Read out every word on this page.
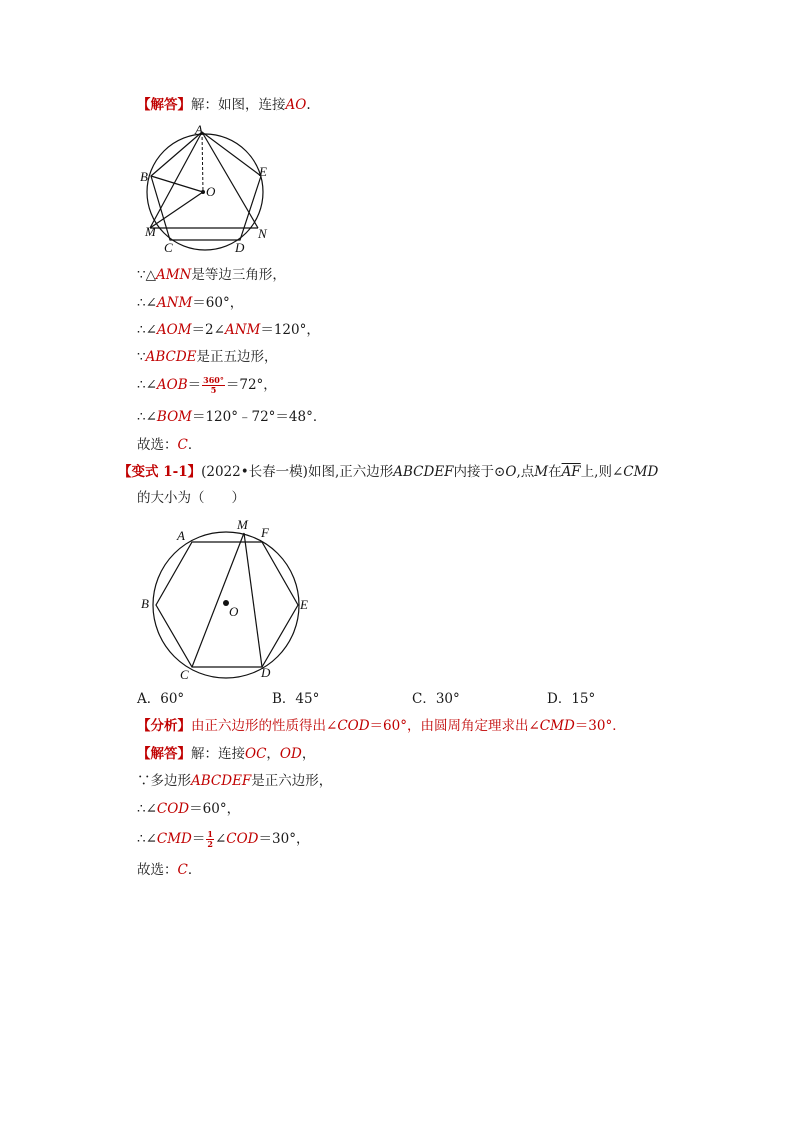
【解答】解：如图，连接AO.
A
B	E
O
M
C	D
N
∵△AMN是等边三角形，
∴∠ANM＝60°，
∴∠AOM＝2∠ANM＝120°，
∵ABCDE是正五边形，
∴∠AOB＝ $\frac{360^\circ}{5} =72^\circ$，
∴∠BOM＝120°﹣72°＝48°．
故选：C．
【变式 1-1】(2022•长春一模)如图,正六边形ABCDEF内接于⊙O,点M在$\overline{AF}$上,则∠CMD
的大小为（　　）
A
M
F
B	E
O
C	D
A．60°	B．45°	C．30°	D．15°
【分析】由正六边形的性质得出∠COD＝60°，由圆周角定理求出∠CMD＝30°．
【解答】解：连接OC，OD，
∵多边形ABCDEF是正六边形，
∴∠COD＝60°，
∴∠CMD＝ $\frac{1}{2}$ ∠COD＝30°，
故选：C．
